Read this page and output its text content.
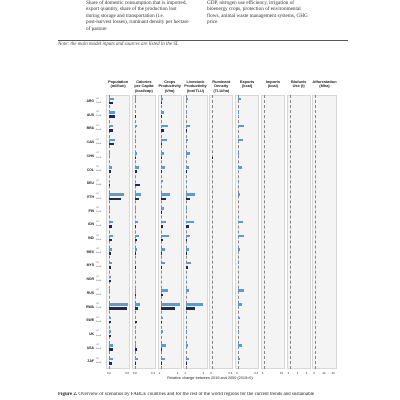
Share of domestic consumption that is imported,
export quantity, share of the production lost
during storage and transportation (i.e.
post-harvest losses), ruminant density per hectare
of pasture
GDP, nitrogen use efficiency, irrigation of
bioenergy crops, protection of environmental
flows, animal waste management systems, GHG
price
Note: the main model inputs and sources are listed in the SI.
Population
(million)
0.0	0.6
Calories
per Capita
(kcal/cap)
0.8	0.4
Crops
Productivity
(t/ha)
1	2
Livestock
Productivity
(tonlTLU)
1	2
Ruminant
Density
(TLU/ha)
0	0.6
Exports
(kcal)
0	0.4
Imports
(kcal)
5	10
Biofuels
Use (t)
2	4	6
Afforestation
(Mha)
0	20 40
ARG
GT
SusE
AUS
GT
SusE
BRA
GT
SusE
CAN
GT
SusE
CHN
GT
SusE
COL
GT
SusE
DEU
GT
SusE
ETH
GT
SusE
FIN
GT
SusE
IDN
GT
SusE
IND
GT
SusE
MEX
GT
SusE
MYS
GT
SusE
NOR
GT
SusE
RUS
GT
SusE
RWA
GT
SusE
SWE
GT
SusE
UK
GT
SusE
USA
GT
SusE
ZAF
GT
SusE
Relative change between 2015 and 2050 (2015=0)
Figure 2. Overview of scenarios by FABLE countries and for the rest of the world regions for the current trends and sustainable
